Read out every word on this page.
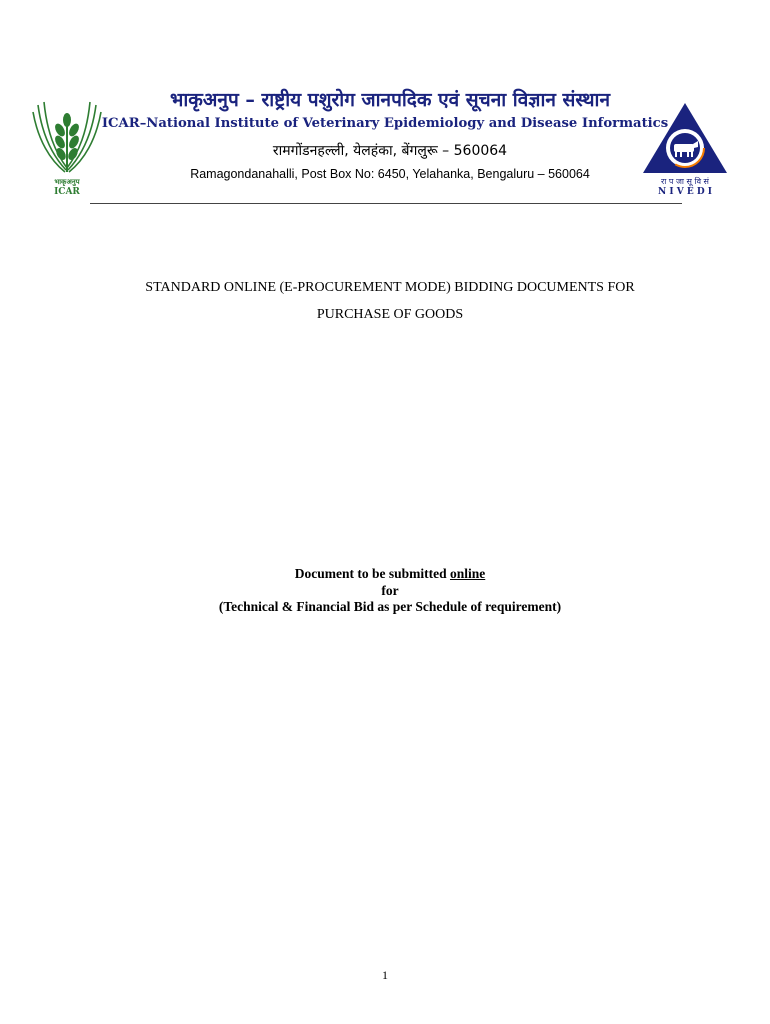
भाकृअनुप
ICAR
भाकृअनुप – राष्ट्रीय पशुरोग जानपदिक एवं सूचना विज्ञान संस्थान
ICAR–National Institute of Veterinary Epidemiology and Disease Informatics
रामगोंडनहल्ली, येलहंका, बेंगलुरू – 560064
Ramagondanahalli, Post Box No: 6450, Yelahanka, Bengaluru – 560064
रा प जा सू वि सं
N I V E D I
STANDARD ONLINE (E-PROCUREMENT MODE) BIDDING DOCUMENTS FOR
PURCHASE OF GOODS
Document to be submitted online
for
(Technical & Financial Bid as per Schedule of requirement)
1
